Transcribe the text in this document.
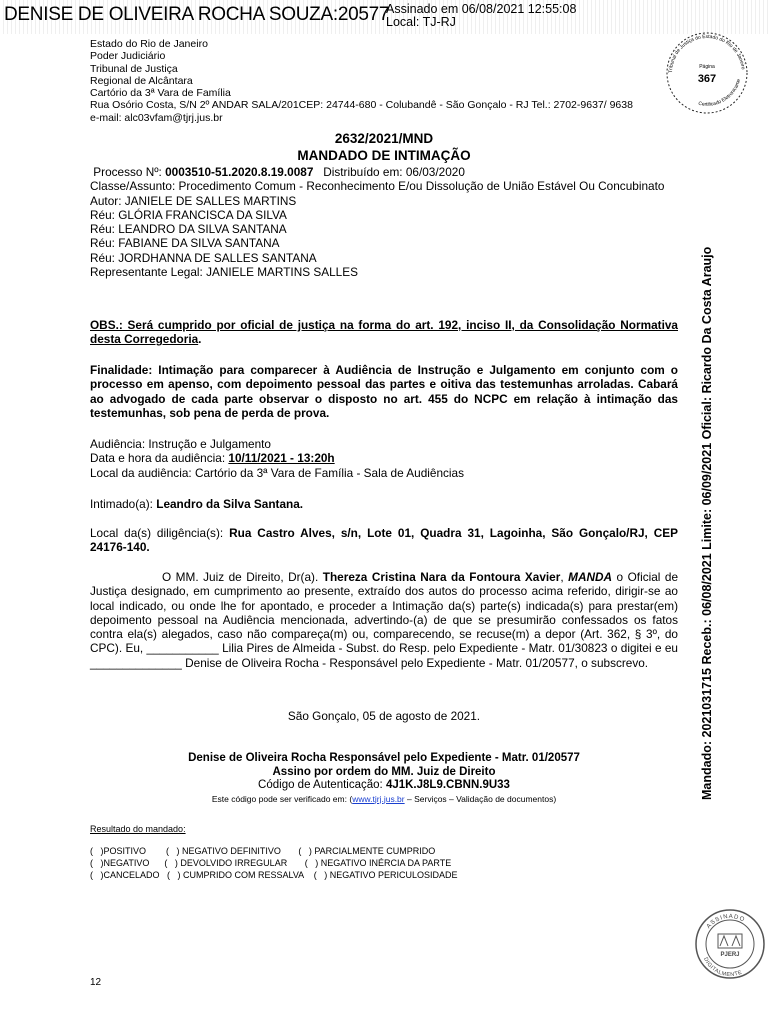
DENISE DE OLIVEIRA ROCHA SOUZA:20577
Assinado em 06/08/2021 12:55:08
Local: TJ-RJ
Estado do Rio de Janeiro
Poder Judiciário
Tribunal de Justiça
Regional de Alcântara
Cartório da 3ª Vara de Família
Rua Osório Costa, S/N 2º ANDAR SALA/201CEP: 24744-680 - Colubandê - São Gonçalo - RJ Tel.: 2702-9637/ 9638
e-mail: alc03vfam@tjrj.jus.br
Tribunal de Justiça do Estado do Rio de Janeiro
Página
367
Certificado Eletronicame
Mandado: 2021031715 Receb.: 06/08/2021 Limite: 06/09/2021 Oficial: Ricardo Da Costa Araujo
2632/2021/MND
MANDADO DE INTIMAÇÃO
Processo Nº: 0003510-51.2020.8.19.0087 Distribuído em: 06/03/2020
Classe/Assunto: Procedimento Comum - Reconhecimento E/ou Dissolução de União Estável Ou Concubinato
Autor: JANIELE DE SALLES MARTINS
Réu: GLÓRIA FRANCISCA DA SILVA
Réu: LEANDRO DA SILVA SANTANA
Réu: FABIANE DA SILVA SANTANA
Réu: JORDHANNA DE SALLES SANTANA
Representante Legal: JANIELE MARTINS SALLES
OBS.: Será cumprido por oficial de justiça na forma do art. 192, inciso II, da Consolidação Normativa desta Corregedoria.
Finalidade: Intimação para comparecer à Audiência de Instrução e Julgamento em conjunto com o processo em apenso, com depoimento pessoal das partes e oitiva das testemunhas arroladas. Cabará ao advogado de cada parte observar o disposto no art. 455 do NCPC em relação à intimação das testemunhas, sob pena de perda de prova.
Audiência: Instrução e Julgamento
Data e hora da audiência: 10/11/2021 - 13:20h
Local da audiência: Cartório da 3ª Vara de Família - Sala de Audiências
Intimado(a): Leandro da Silva Santana.
Local da(s) diligência(s): Rua Castro Alves, s/n, Lote 01, Quadra 31, Lagoinha, São Gonçalo/RJ, CEP 24176-140.
O MM. Juiz de Direito, Dr(a). Thereza Cristina Nara da Fontoura Xavier, MANDA o Oficial de Justiça designado, em cumprimento ao presente, extraído dos autos do processo acima referido, dirigir-se ao local indicado, ou onde lhe for apontado, e proceder a Intimação da(s) parte(s) indicada(s) para prestar(em) depoimento pessoal na Audiência mencionada, advertindo-(a) de que se presumirão confessados os fatos contra ela(s) alegados, caso não compareça(m) ou, comparecendo, se recuse(m) a depor (Art. 362, § 3º, do CPC). Eu, ___________ Lilia Pires de Almeida - Subst. do Resp. pelo Expediente - Matr. 01/30823 o digitei e eu ______________ Denise de Oliveira Rocha - Responsável pelo Expediente - Matr. 01/20577, o subscrevo.
São Gonçalo, 05 de agosto de 2021.
Denise de Oliveira Rocha Responsável pelo Expediente - Matr. 01/20577
Assino por ordem do MM. Juiz de Direito
Código de Autenticação: 4J1K.J8L9.CBNN.9U33
Este código pode ser verificado em: (www.tjrj.jus.br – Serviços – Validação de documentos)
Resultado do mandado:
(   )POSITIVO        (   ) NEGATIVO DEFINITIVO       (   ) PARCIALMENTE CUMPRIDO
(   )NEGATIVO      (   ) DEVOLVIDO IRREGULAR       (   ) NEGATIVO INÉRCIA DA PARTE
(   )CANCELADO   (   ) CUMPRIDO COM RESSALVA    (   ) NEGATIVO PERICULOSIDADE
ASSINADO
PJERJ
DIGITALMENTE
12
